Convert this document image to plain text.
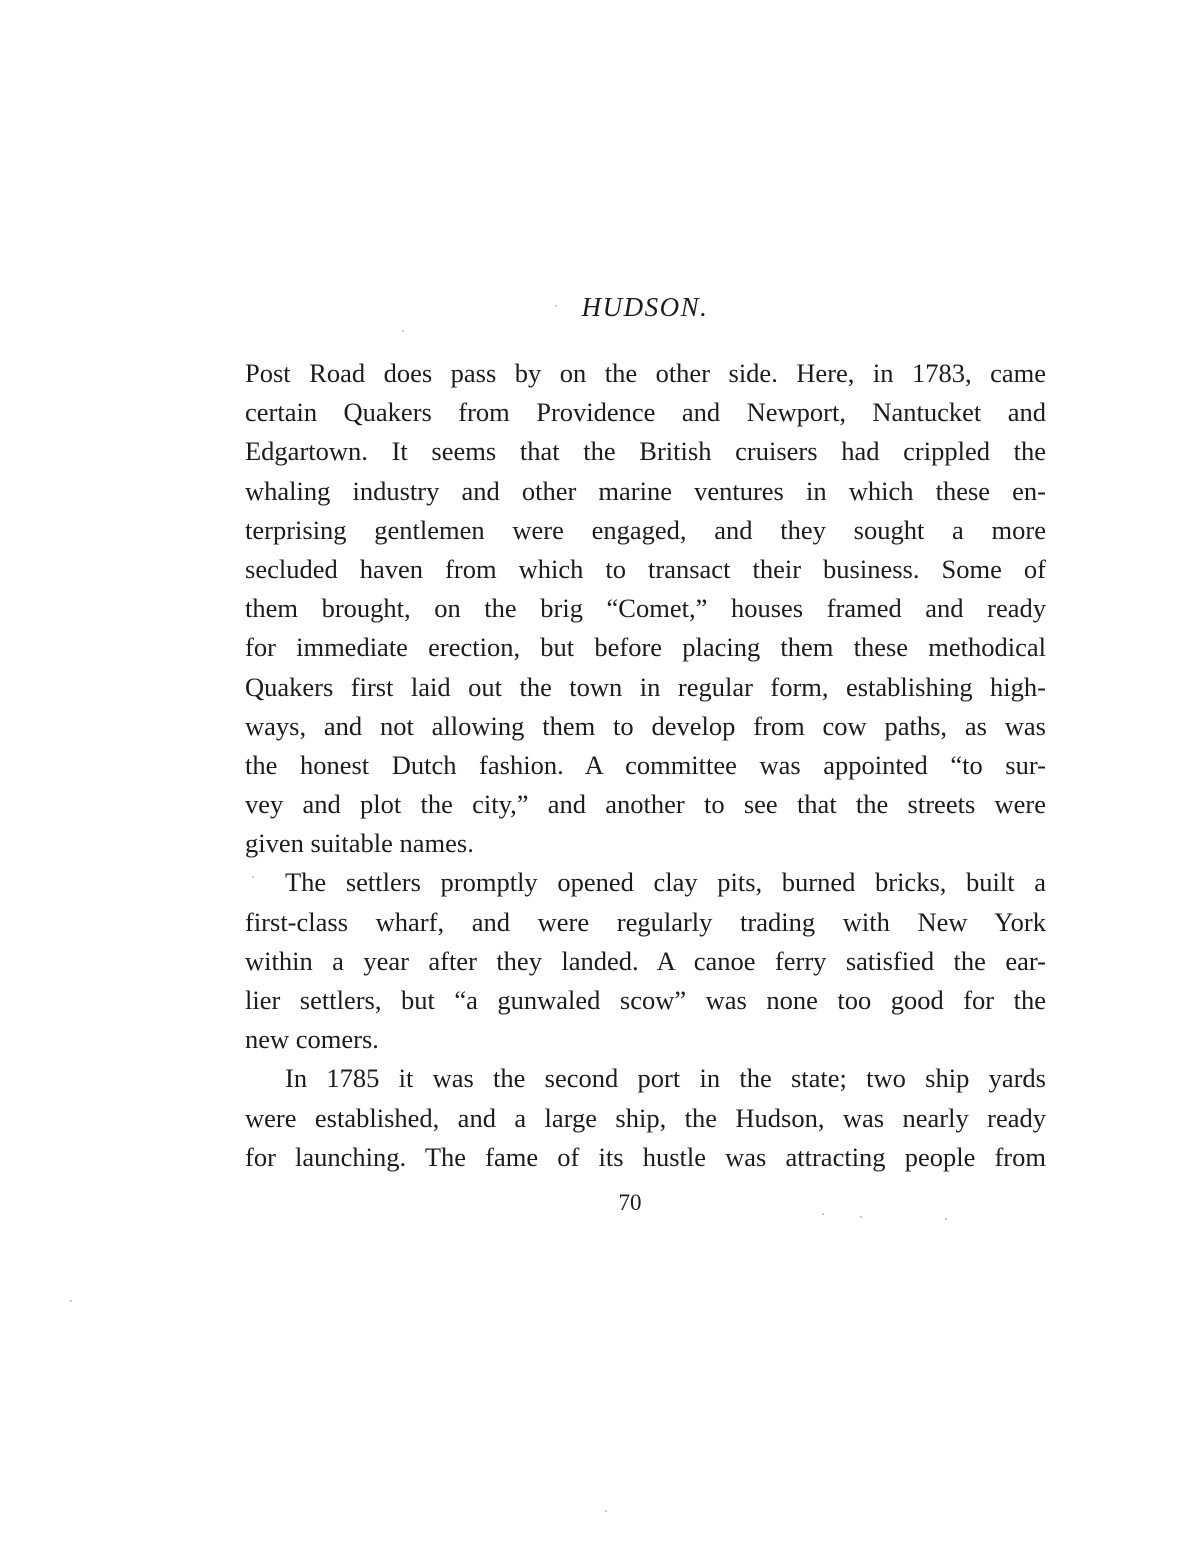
HUDSON.
Post Road does pass by on the other side. Here, in 1783, came
certain Quakers from Providence and Newport, Nantucket and
Edgartown. It seems that the British cruisers had crippled the
whaling industry and other marine ventures in which these en-
terprising gentlemen were engaged, and they sought a more
secluded haven from which to transact their business. Some of
them brought, on the brig “Comet,” houses framed and ready
for immediate erection, but before placing them these methodical
Quakers first laid out the town in regular form, establishing high-
ways, and not allowing them to develop from cow paths, as was
the honest Dutch fashion. A committee was appointed “to sur-
vey and plot the city,” and another to see that the streets were
given suitable names.
The settlers promptly opened clay pits, burned bricks, built a
first-class wharf, and were regularly trading with New York
within a year after they landed. A canoe ferry satisfied the ear-
lier settlers, but “a gunwaled scow” was none too good for the
new comers.
In 1785 it was the second port in the state; two ship yards
were established, and a large ship, the Hudson, was nearly ready
for launching. The fame of its hustle was attracting people from
70
